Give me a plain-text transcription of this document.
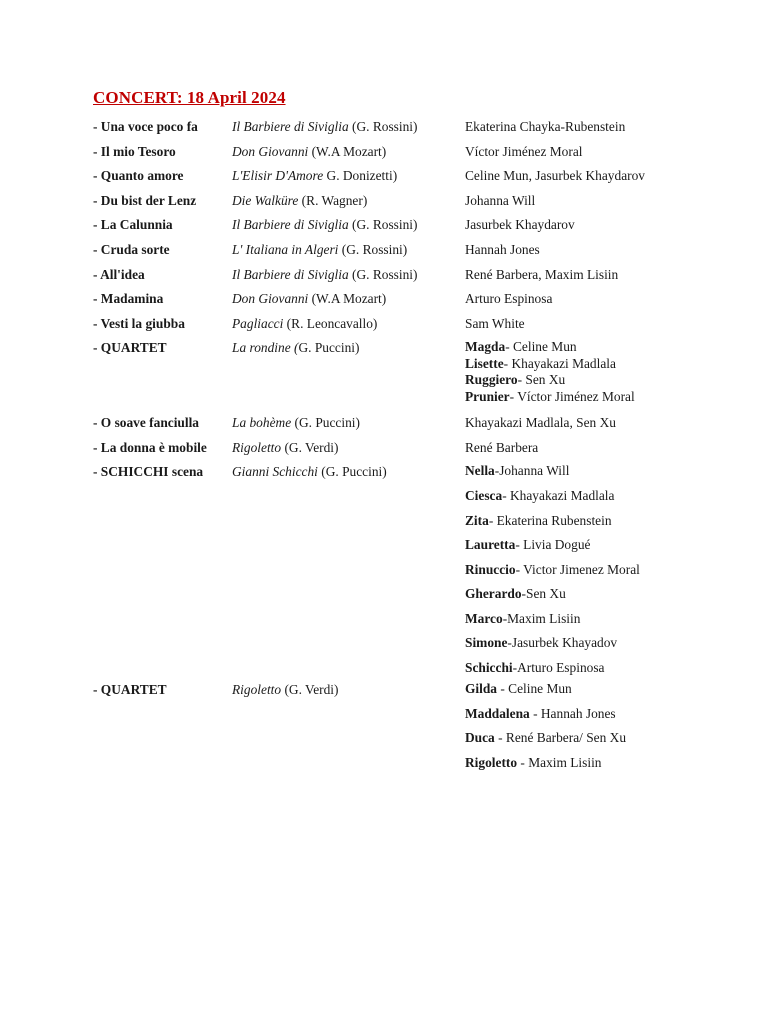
CONCERT: 18 April 2024
- Una voce poco fa	Il Barbiere di Siviglia (G. Rossini)	Ekaterina Chayka-Rubenstein
- Il mio Tesoro	Don Giovanni (W.A Mozart)	Víctor Jiménez Moral
- Quanto amore	L'Elisir D'Amore G. Donizetti)	Celine Mun, Jasurbek Khaydarov
- Du bist der Lenz	Die Walküre (R. Wagner)	Johanna Will
- La Calunnia	Il Barbiere di Siviglia (G. Rossini)	Jasurbek Khaydarov
- Cruda sorte	L' Italiana in Algeri (G. Rossini)	Hannah Jones
- All'idea	Il Barbiere di Siviglia (G. Rossini)	René Barbera, Maxim Lisiin
- Madamina	Don Giovanni (W.A Mozart)	Arturo Espinosa
- Vesti la giubba	Pagliacci (R. Leoncavallo)	Sam White
- QUARTET	La rondine (G. Puccini)	Magda- Celine Mun
Lisette- Khayakazi Madlala
Ruggiero- Sen Xu
Prunier- Víctor Jiménez Moral
- O soave fanciulla	La bohème (G. Puccini)	Khayakazi Madlala, Sen Xu
- La donna è mobile	Rigoletto (G. Verdi)	René Barbera
- SCHICCHI scena	Gianni Schicchi (G. Puccini)	Nella-Johanna Will
Ciesca- Khayakazi Madlala
Zita- Ekaterina Rubenstein
Lauretta- Livia Dogué
Rinuccio- Victor Jimenez Moral
Gherardo-Sen Xu
Marco-Maxim Lisiin
Simone-Jasurbek Khayadov
Schicchi-Arturo Espinosa
- QUARTET	Rigoletto (G. Verdi)	Gilda - Celine Mun
Maddalena - Hannah Jones
Duca - René Barbera/ Sen Xu
Rigoletto - Maxim Lisiin
